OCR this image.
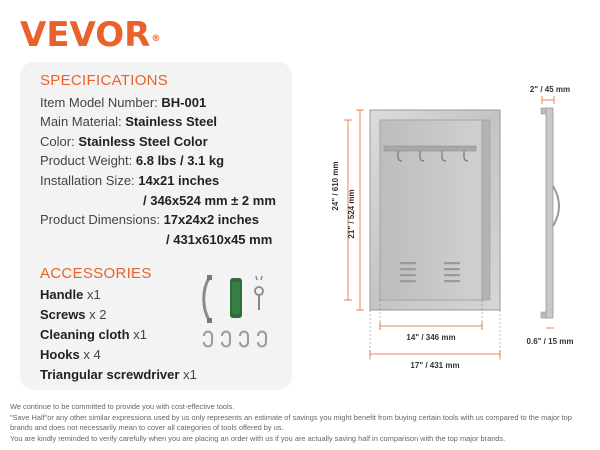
VEVOR®
SPECIFICATIONS
Item Model Number: BH-001
Main Material: Stainless Steel
Color: Stainless Steel Color
Product Weight: 6.8 lbs / 3.1 kg
Installation Size: 14x21 inches
/ 346x524 mm ± 2 mm
Product Dimensions: 17x24x2 inches
/ 431x610x45 mm
ACCESSORIES
Handle x1
Screws x 2
Cleaning cloth x1
Hooks x 4
Triangular screwdriver x1
24" / 610 mm
21" / 524 mm
14" / 346 mm
17" / 431 mm
2" / 45 mm
0.6" / 15 mm
We continue to be committed to provide you with cost-effective tools.
"Save Half"or any other similar expressions used by us only represents an estimate of savings you might benefit from buying certain tools with us compared to the major top brands and does not necessarily mean to cover all categories of tools offered by us.
You are kindly reminded to verify carefully when you are placing an order with us if you are actually saving half in comparison with the top major brands.
